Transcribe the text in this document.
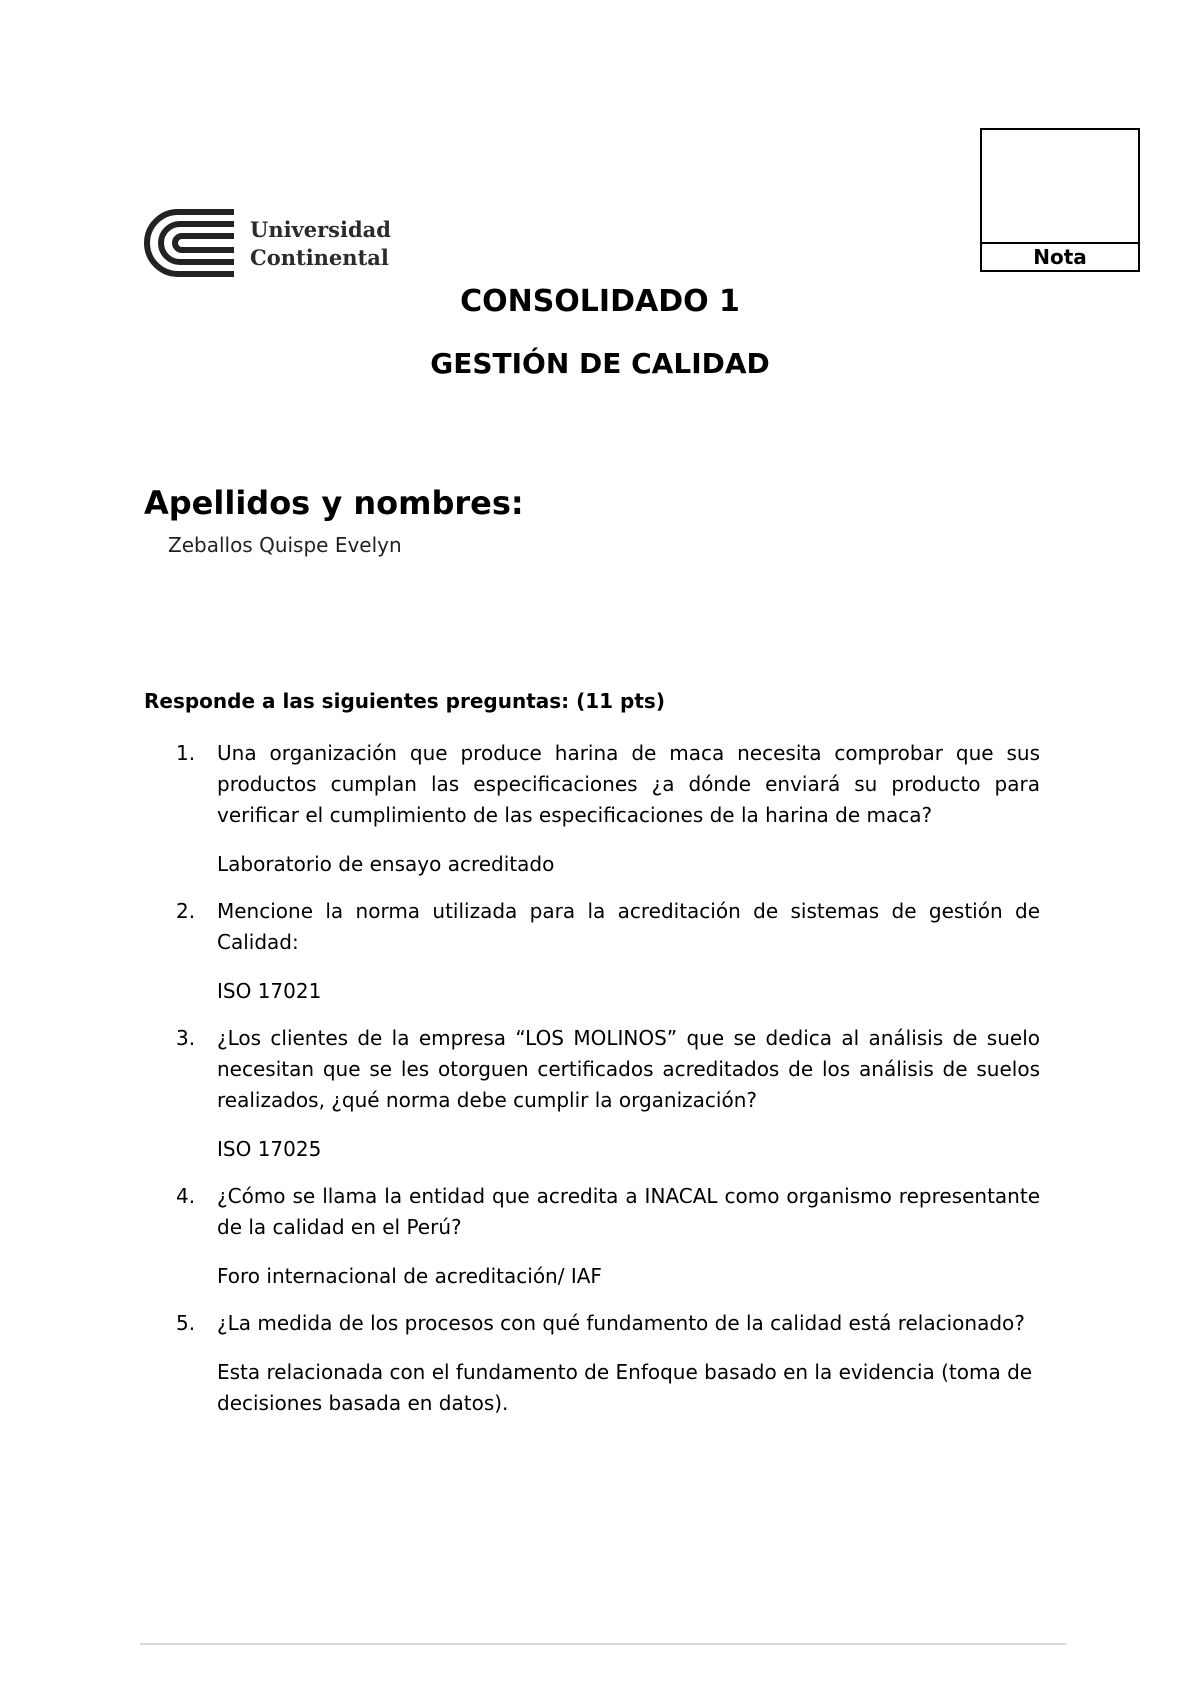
Universidad
Continental	Nota
CONSOLIDADO 1
GESTIÓN DE CALIDAD
Apellidos y nombres:
Zeballos Quispe Evelyn
Responde a las siguientes preguntas: (11 pts)
1. Una organización que produce harina de maca necesita comprobar que sus productos cumplan las especificaciones ¿a dónde enviará su producto para verificar el cumplimiento de las especificaciones de la harina de maca?
Laboratorio de ensayo acreditado
2. Mencione la norma utilizada para la acreditación de sistemas de gestión de Calidad:
ISO 17021
3. ¿Los clientes de la empresa “LOS MOLINOS” que se dedica al análisis de suelo necesitan que se les otorguen certificados acreditados de los análisis de suelos realizados, ¿qué norma debe cumplir la organización?
ISO 17025
4. ¿Cómo se llama la entidad que acredita a INACAL como organismo representante de la calidad en el Perú?
Foro internacional de acreditación/ IAF
5. ¿La medida de los procesos con qué fundamento de la calidad está relacionado?
Esta relacionada con el fundamento de Enfoque basado en la evidencia (toma de decisiones basada en datos).
